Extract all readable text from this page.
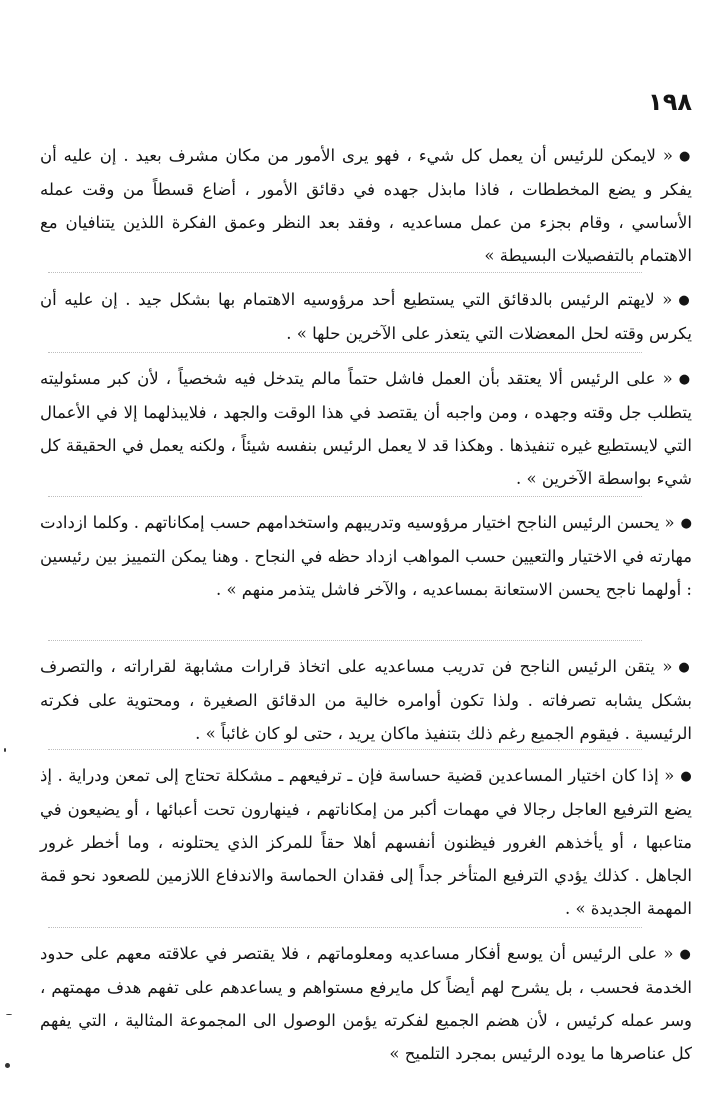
١٩٨
●« لايمكن للرئيس أن يعمل كل شيء ، فهو يرى الأمور من مكان مشرف بعيد . إن عليه أن يفكر و يضع المخططات ، فاذا مابذل جهده في دقائق الأمور ، أضاع قسطاً من وقت عمله الأساسي ، وقام بجزء من عمل مساعديه ، وفقد بعد النظر وعمق الفكرة اللذين يتنافيان مع الاهتمام بالتفصيلات البسيطة »
●« لايهتم الرئيس بالدقائق التي يستطيع أحد مرؤوسيه الاهتمام بها بشكل جيد . إن عليه أن يكرس وقته لحل المعضلات التي يتعذر على الآخرين حلها » .
●« على الرئيس ألا يعتقد بأن العمل فاشل حتماً مالم يتدخل فيه شخصياً ، لأن كبر مسئوليته يتطلب جل وقته وجهده ، ومن واجبه أن يقتصد في هذا الوقت والجهد ، فلايبذلهما إلا في الأعمال التي لايستطيع غيره تنفيذها . وهكذا قد لا يعمل الرئيس بنفسه شيئاً ، ولكنه يعمل في الحقيقة كل شيء بواسطة الآخرين » .
●« يحسن الرئيس الناجح اختيار مرؤوسيه وتدريبهم واستخدامهم حسب إمكاناتهم . وكلما ازدادت مهارته في الاختيار والتعيين حسب المواهب ازداد حظه في النجاح . وهنا يمكن التمييز بين رئيسين : أولهما ناجح يحسن الاستعانة بمساعديه ، والآخر فاشل يتذمر منهم » .
●« يتقن الرئيس الناجح فن تدريب مساعديه على اتخاذ قرارات مشابهة لقراراته ، والتصرف بشكل يشابه تصرفاته . ولذا تكون أوامره خالية من الدقائق الصغيرة ، ومحتوية على فكرته الرئيسية . فيقوم الجميع رغم ذلك بتنفيذ ماكان يريد ، حتى لو كان غائباً » .
●« إذا كان اختيار المساعدين قضية حساسة فإن ـ ترفيعهم ـ مشكلة تحتاج إلى تمعن ودراية . إذ يضع الترفيع العاجل رجالا في مهمات أكبر من إمكاناتهم ، فينهارون تحت أعبائها ، أو يضيعون في متاعبها ، أو يأخذهم الغرور فيظنون أنفسهم أهلا حقاً للمركز الذي يحتلونه ، وما أخطر غرور الجاهل . كذلك يؤدي الترفيع المتأخر جداً إلى فقدان الحماسة والاندفاع اللازمين للصعود نحو قمة المهمة الجديدة » .
●« على الرئيس أن يوسع أفكار مساعديه ومعلوماتهم ، فلا يقتصر في علاقته معهم على حدود الخدمة فحسب ، بل يشرح لهم أيضاً كل مايرفع مستواهم و يساعدهم على تفهم هدف مهمتهم ، وسر عمله كرئيس ، لأن هضم الجميع لفكرته يؤمن الوصول الى المجموعة المثالية ، التي يفهم كل عناصرها ما يوده الرئيس بمجرد التلميح »
